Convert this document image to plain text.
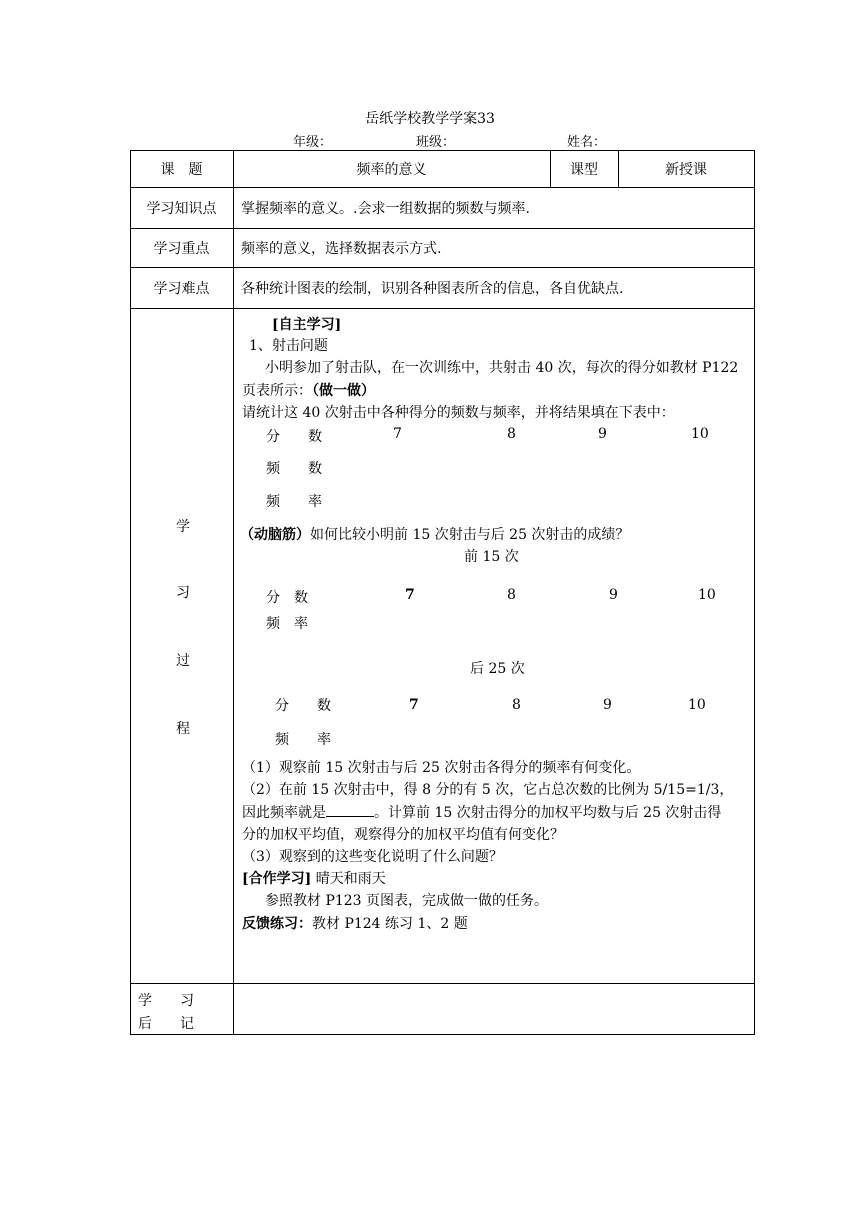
岳纸学校教学学案33
年级：	班级：	姓名：
课　题	频率的意义	课型	新授课
学习知识点	掌握频率的意义。.会求一组数据的频数与频率.
学习重点	频率的意义，选择数据表示方式.
学习难点	各种统计图表的绘制，识别各种图表所含的信息，各自优缺点.
学
习
过
程
[自主学习]
1、射击问题
小明参加了射击队，在一次训练中，共射击 40 次，每次的得分如教材 P122
页表所示：（做一做）
请统计这 40 次射击中各种得分的频数与频率，并将结果填在下表中：
分　　数	7	8	9	10
频　　数
频　　率
（动脑筋）如何比较小明前 15 次射击与后 25 次射击的成绩？
前 15 次
分　数	7	8	9	10
频　率
后 25 次
分　　数	7	8	9	10
频　　率
（1）观察前 15 次射击与后 25 次射击各得分的频率有何变化。
（2）在前 15 次射击中，得 8 分的有 5 次，它占总次数的比例为 5/15=1/3，
因此频率就是	。计算前 15 次射击得分的加权平均数与后 25 次射击得
分的加权平均值，观察得分的加权平均值有何变化？
（3）观察到的这些变化说明了什么问题？
[合作学习] 晴天和雨天
参照教材 P123 页图表，完成做一做的任务。
反馈练习：教材 P124 练习 1、2 题
学　　习
后　　记
